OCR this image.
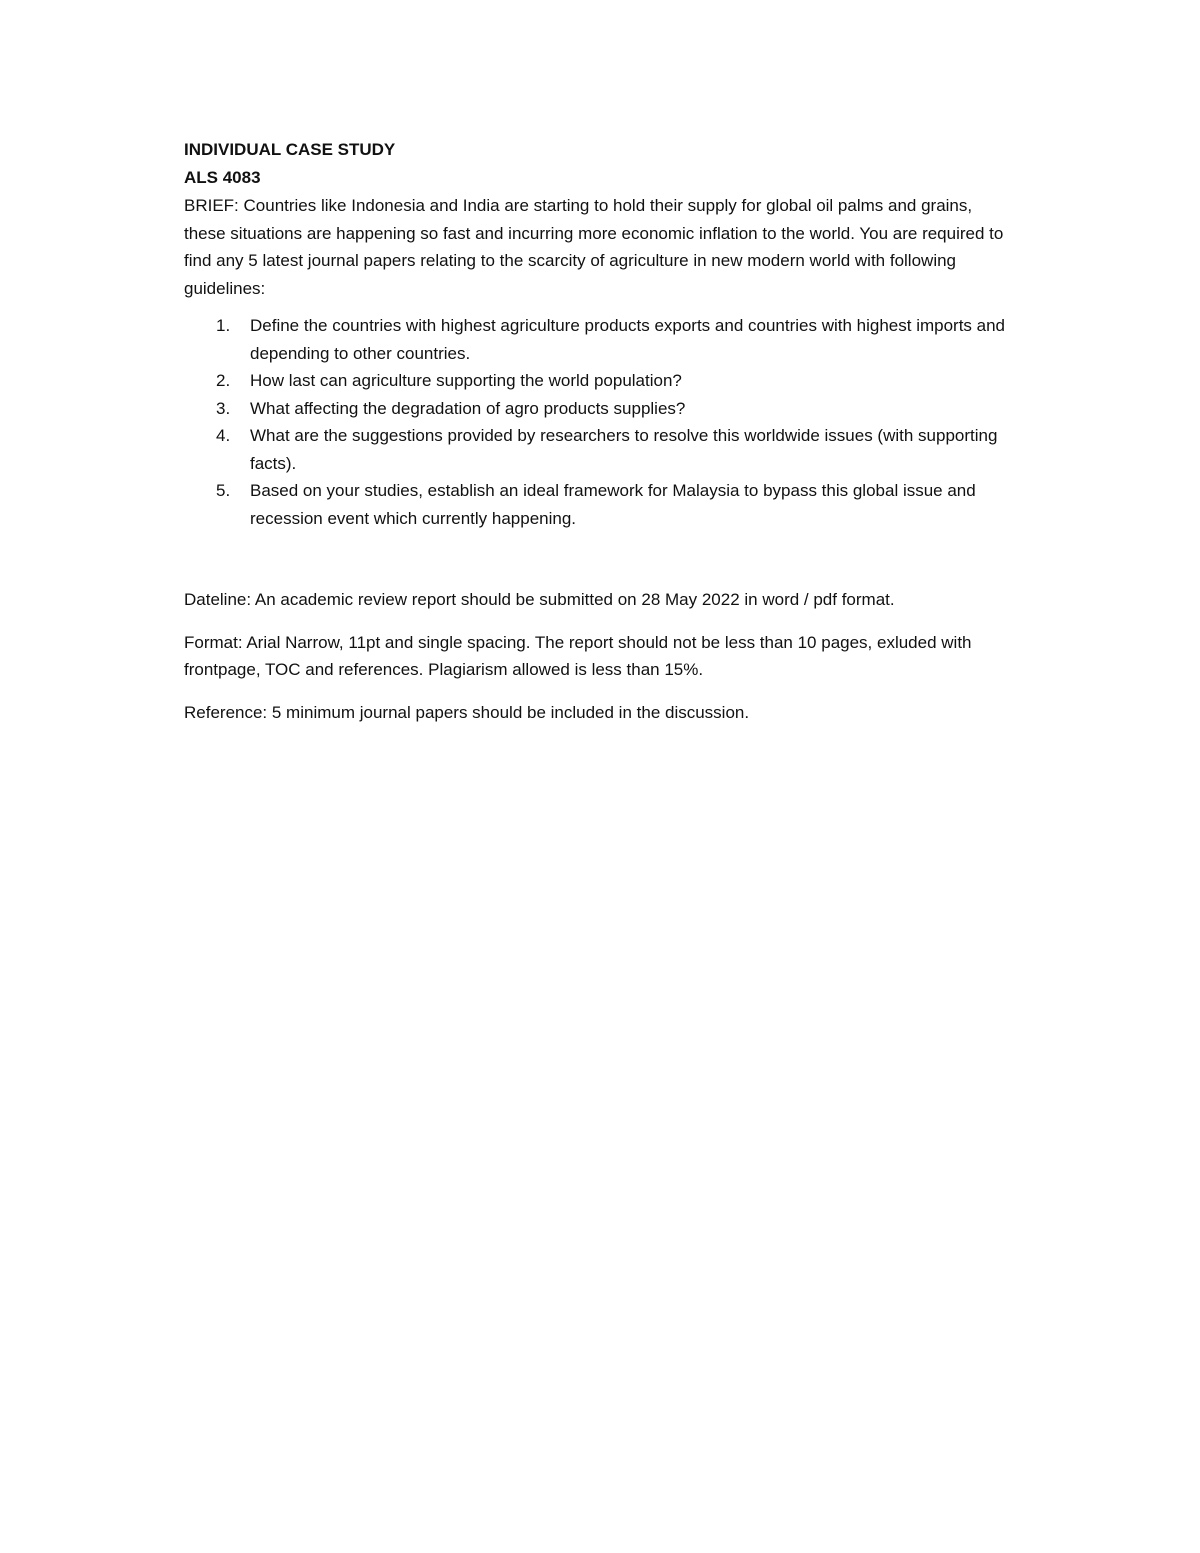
INDIVIDUAL CASE STUDY

ALS 4083

BRIEF: Countries like Indonesia and India are starting to hold their supply for global oil palms and grains, these situations are happening so fast and incurring more economic inflation to the world. You are required to find any 5 latest journal papers relating to the scarcity of agriculture in new modern world with following guidelines:

1. Define the countries with highest agriculture products exports and countries with highest imports and depending to other countries.
2. How last can agriculture supporting the world population?
3. What affecting the degradation of agro products supplies?
4. What are the suggestions provided by researchers to resolve this worldwide issues (with supporting facts).
5. Based on your studies, establish an ideal framework for Malaysia to bypass this global issue and recession event which currently happening.

Dateline: An academic review report should be submitted on 28 May 2022 in word / pdf format.

Format: Arial Narrow, 11pt and single spacing. The report should not be less than 10 pages, exluded with frontpage, TOC and references. Plagiarism allowed is less than 15%.

Reference: 5 minimum journal papers should be included in the discussion.
